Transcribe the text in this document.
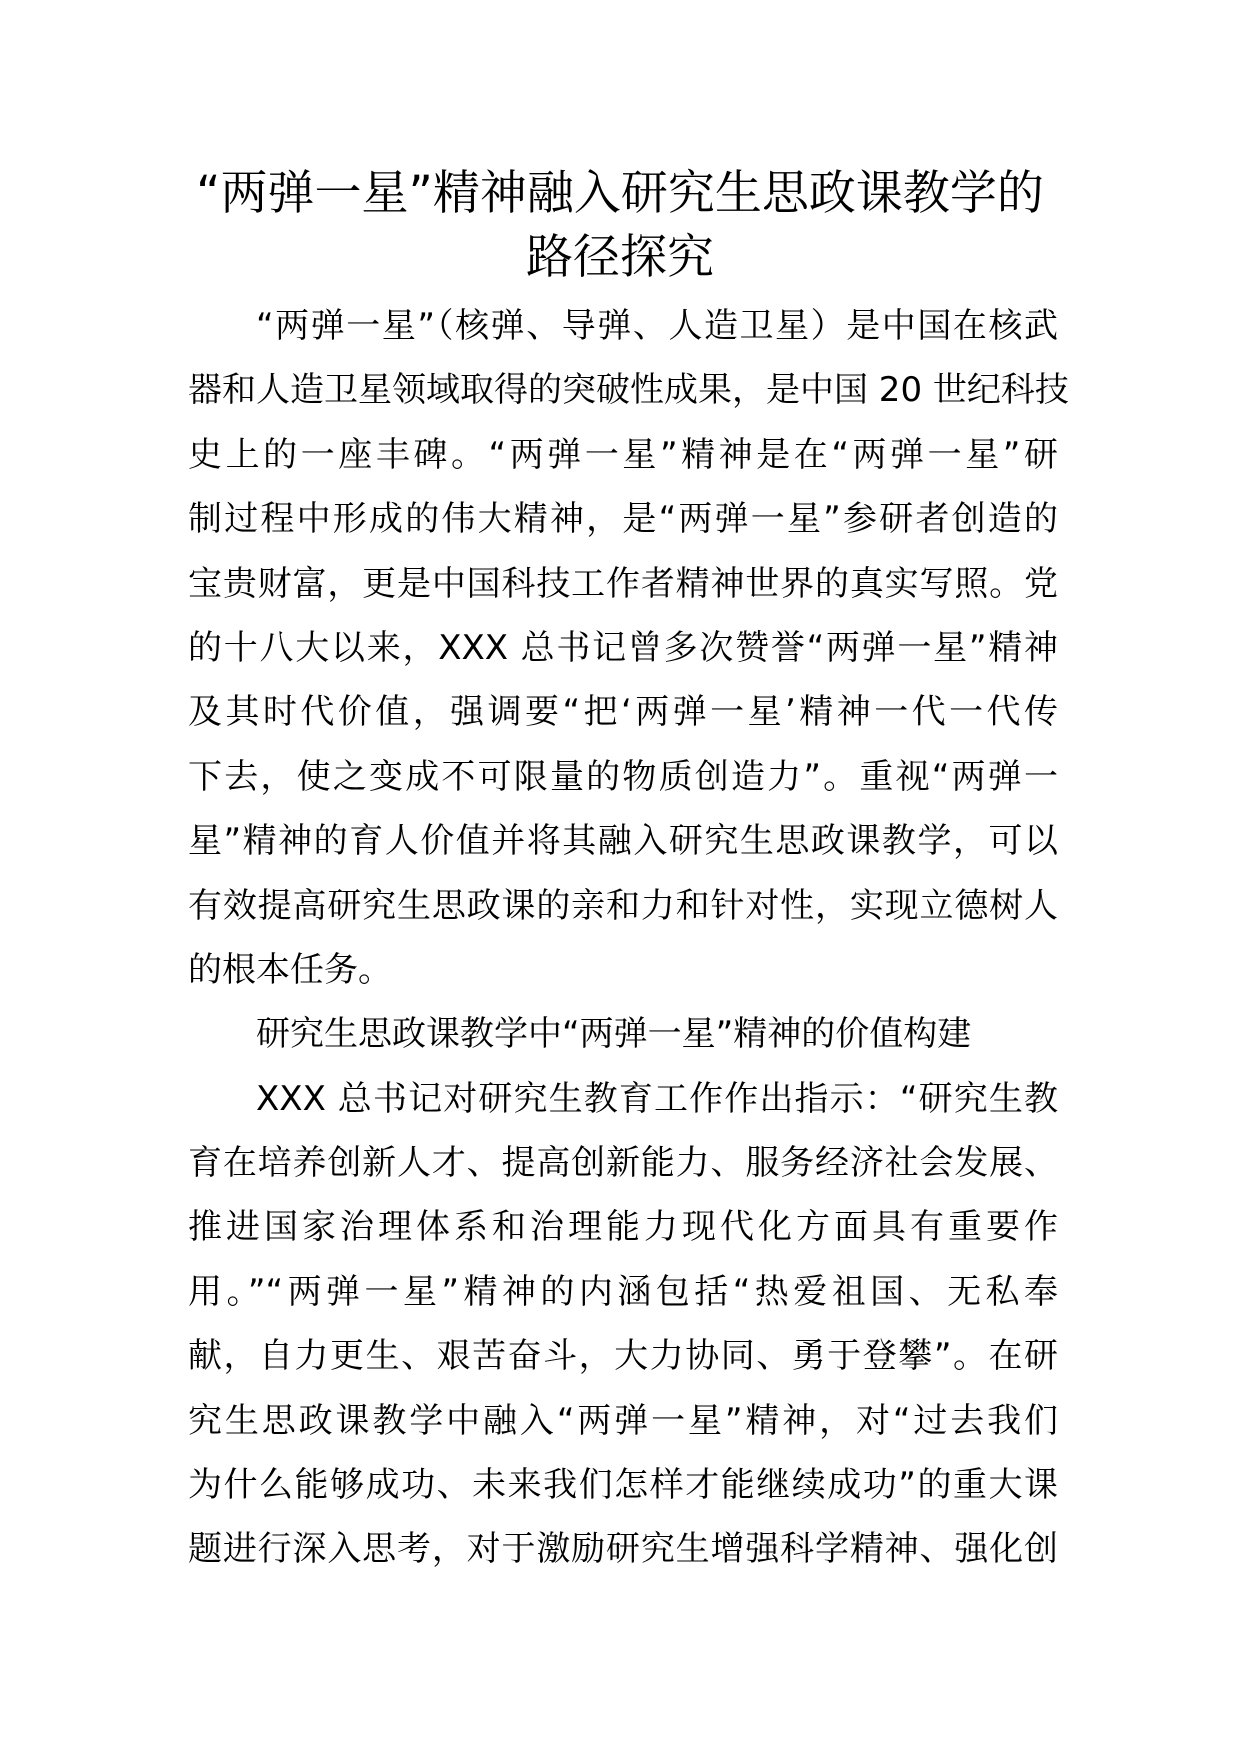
“两弹一星”精神融入研究生思政课教学的
路径探究

“两弹一星”（核弹、导弹、人造卫星）是中国在核武
器和人造卫星领域取得的突破性成果，是中国 20 世纪科技
史上的一座丰碑。“两弹一星”精神是在“两弹一星”研
制过程中形成的伟大精神，是“两弹一星”参研者创造的
宝贵财富，更是中国科技工作者精神世界的真实写照。党
的十八大以来，XXX 总书记曾多次赞誉“两弹一星”精神
及其时代价值，强调要“把‘两弹一星’精神一代一代传
下去，使之变成不可限量的物质创造力”。重视“两弹一
星”精神的育人价值并将其融入研究生思政课教学，可以
有效提高研究生思政课的亲和力和针对性，实现立德树人
的根本任务。

研究生思政课教学中“两弹一星”精神的价值构建

XXX 总书记对研究生教育工作作出指示：“研究生教
育在培养创新人才、提高创新能力、服务经济社会发展、
推进国家治理体系和治理能力现代化方面具有重要作
用。”“两弹一星”精神的内涵包括“热爱祖国、无私奉
献，自力更生、艰苦奋斗，大力协同、勇于登攀”。在研
究生思政课教学中融入“两弹一星”精神，对“过去我们
为什么能够成功、未来我们怎样才能继续成功”的重大课
题进行深入思考，对于激励研究生增强科学精神、强化创
